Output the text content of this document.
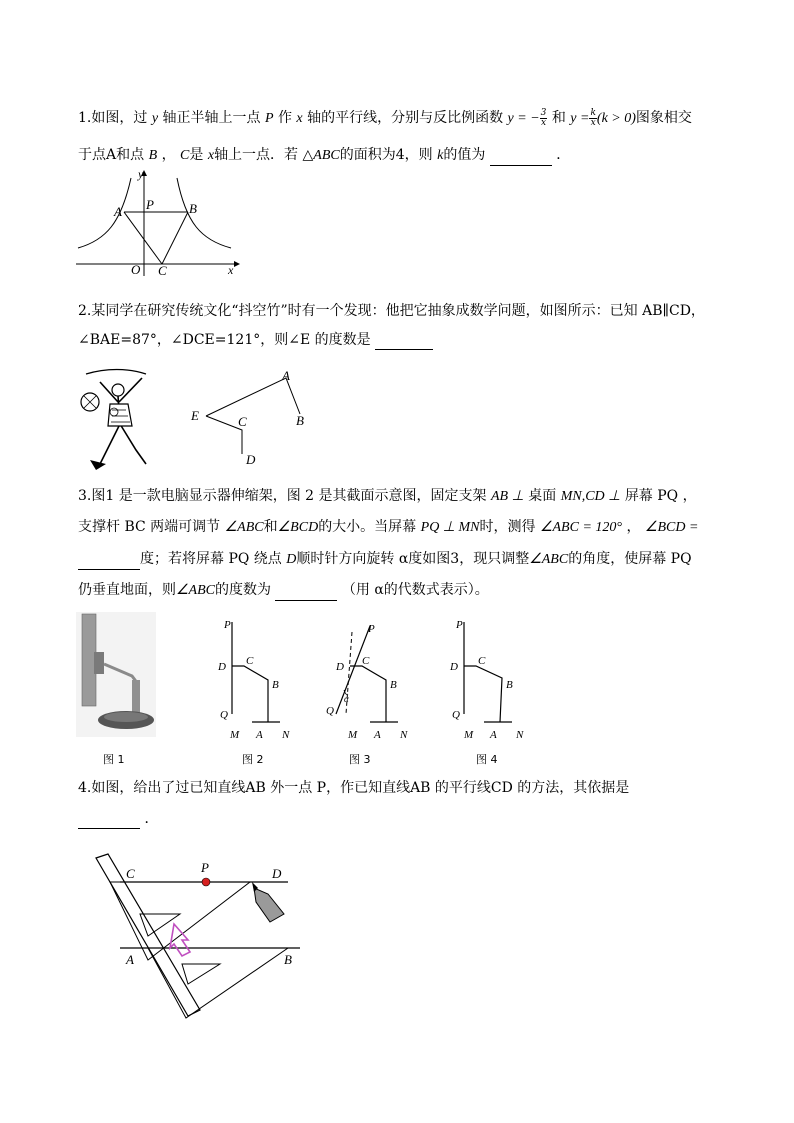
1.如图，过 y 轴正半轴上一点 P 作 x 轴的平行线，分别与反比例函数 y = − $\frac{3}{x}$ 和 $y = \frac{k}{x} (k > 0)$图象相交
于点A和点 B ， C是 x轴上一点．若 △ABC的面积为4，则 k的值为	．
y
x
A P	B
O C
2.某同学在研究传统文化“抖空竹”时有一个发现：他把它抽象成数学问题，如图所示：已知 AB∥CD，
∠BAE=87°，∠DCE=121°，则∠E 的度数是
A
B
C
D
E
3.图1 是一款电脑显示器伸缩架，图 2 是其截面示意图，固定支架 AB ⊥ 桌面 MN,CD ⊥ 屏幕 PQ ，
支撑杆 BC 两端可调节 ∠ABC和∠BCD的大小。当屏幕 PQ ⊥ MN时，测得 ∠ABC = 120° ， ∠BCD =
度；若将屏幕 PQ 绕点 D顺时针方向旋转 α度如图3，现只调整∠ABC的角度，使屏幕 PQ
仍垂直地面，则∠ABC的度数为	（用 α的代数式表示）。
P
D C
B
Q
M A N
P
D C
B
α
Q
M A N
P
D C
B
Q
M A N
图 1	图 2	图 3	图 4
4.如图，给出了过已知直线AB 外一点 P，作已知直线AB 的平行线CD 的方法，其依据是
．
C	P	D
A	B
